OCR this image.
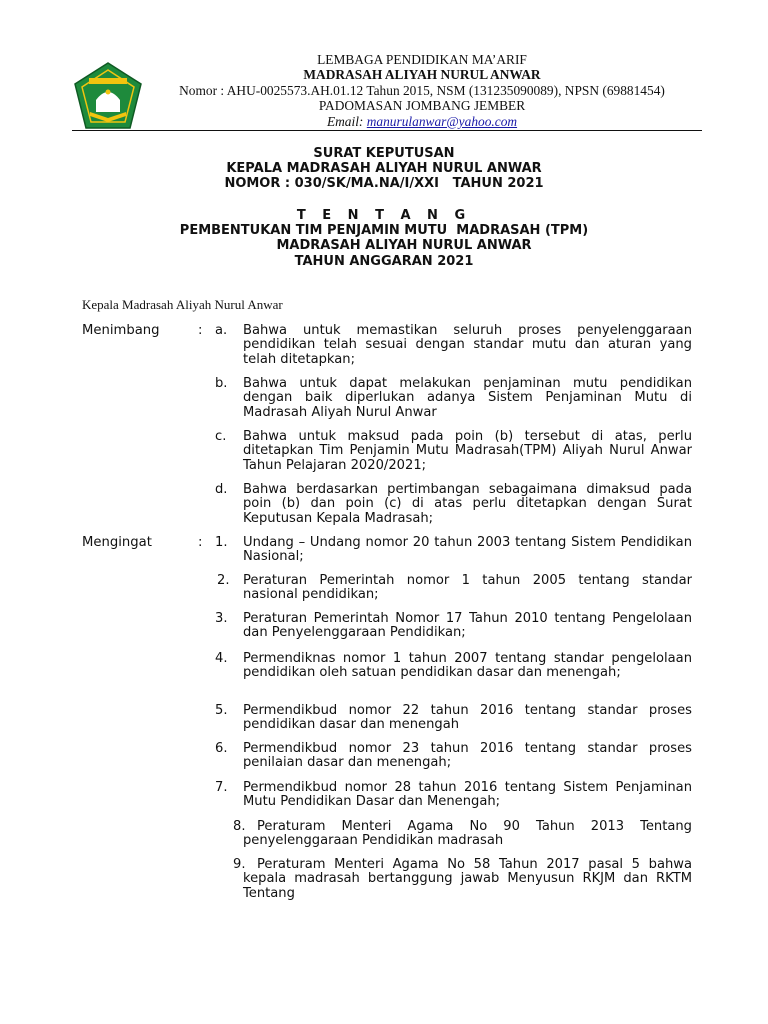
LEMBAGA PENDIDIKAN MA’ARIF
MADRASAH ALIYAH NURUL ANWAR
Nomor : AHU-0025573.AH.01.12 Tahun 2015, NSM (131235090089), NPSN (69881454)
PADOMASAN JOMBANG JEMBER
Email: manurulanwar@yahoo.com
SURAT KEPUTUSAN
KEPALA MADRASAH ALIYAH NURUL ANWAR
NOMOR : 030/SK/MA.NA/I/XXI   TAHUN 2021
T E N T A N G
PEMBENTUKAN TIM PENJAMIN MUTU  MADRASAH (TPM)
MADRASAH ALIYAH NURUL ANWAR
TAHUN ANGGARAN 2021
Kepala Madrasah Aliyah Nurul Anwar
Menimbang	: a. Bahwa untuk memastikan seluruh proses penyelenggaraan pendidikan telah sesuai dengan standar mutu dan aturan yang telah ditetapkan;
b. Bahwa untuk dapat melakukan penjaminan mutu pendidikan dengan baik diperlukan adanya Sistem Penjaminan Mutu di Madrasah Aliyah Nurul Anwar
c. Bahwa untuk maksud pada poin (b) tersebut di atas, perlu ditetapkan Tim Penjamin Mutu Madrasah(TPM) Aliyah Nurul Anwar Tahun Pelajaran 2020/2021;
d. Bahwa berdasarkan pertimbangan sebagaimana dimaksud pada poin (b) dan poin (c) di atas perlu ditetapkan dengan Surat Keputusan Kepala Madrasah;
Mengingat	: 1. Undang – Undang nomor 20 tahun 2003 tentang Sistem Pendidikan Nasional;
2. Peraturan Pemerintah nomor 1 tahun 2005 tentang standar nasional pendidikan;
3. Peraturan Pemerintah Nomor 17 Tahun 2010 tentang Pengelolaan dan Penyelenggaraan Pendidikan;
4. Permendiknas nomor 1 tahun 2007 tentang standar pengelolaan pendidikan oleh satuan pendidikan dasar dan menengah;
5. Permendikbud nomor 22 tahun 2016 tentang standar proses pendidikan dasar dan menengah
6. Permendikbud nomor 23 tahun 2016 tentang standar proses penilaian dasar dan menengah;
7. Permendikbud nomor 28 tahun 2016 tentang Sistem Penjaminan Mutu Pendidikan Dasar dan Menengah;
8. Peraturam Menteri Agama No 90 Tahun 2013 Tentang penyelenggaraan Pendidikan madrasah
9. Peraturam Menteri Agama No 58 Tahun 2017 pasal 5 bahwa kepala madrasah bertanggung jawab Menyusun RKJM dan RKTM Tentang
